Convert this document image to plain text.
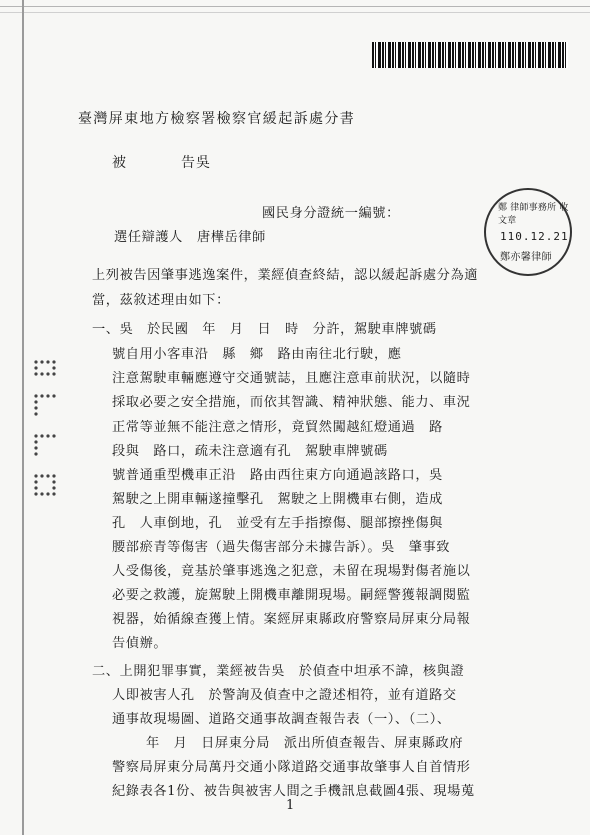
臺灣屏東地方檢察署檢察官緩起訴處分書
被	告吳
國民身分證統一編號：
選任辯護人 唐樺岳律師
鄭 律師事務所 收文章
110.12.21
鄭亦馨律師
上列被告因肇事逃逸案件，業經偵查終結，認以緩起訴處分為適
當，茲敘述理由如下：
一、吳　於民國　年　月　日　時　分許，駕駛車牌號碼
號自用小客車沿　縣　鄉　路由南往北行駛，應
注意駕駛車輛應遵守交通號誌，且應注意車前狀況，以隨時
採取必要之安全措施，而依其智識、精神狀態、能力、車況
正常等並無不能注意之情形，竟貿然闖越紅燈通過　路
段與　路口，疏未注意適有孔　駕駛車牌號碼
號普通重型機車正沿　路由西往東方向通過該路口，吳
駕駛之上開車輛遂撞擊孔　駕駛之上開機車右側，造成
孔　人車倒地，孔　並受有左手指擦傷、腿部擦挫傷與
腰部瘀青等傷害（過失傷害部分未據告訴）。吳　肇事致
人受傷後，竟基於肇事逃逸之犯意，未留在現場對傷者施以
必要之救護，旋駕駛上開機車離開現場。嗣經警獲報調閱監
視器，始循線查獲上情。案經屏東縣政府警察局屏東分局報
告偵辦。
二、上開犯罪事實，業經被告吳　於偵查中坦承不諱，核與證
人即被害人孔　於警詢及偵查中之證述相符，並有道路交
通事故現場圖、道路交通事故調查報告表（一）、（二）、
年　月　日屏東分局　派出所偵查報告、屏東縣政府
警察局屏東分局萬丹交通小隊道路交通事故肇事人自首情形
紀錄表各1份、被告與被害人間之手機訊息截圖4張、現場蒐
1
